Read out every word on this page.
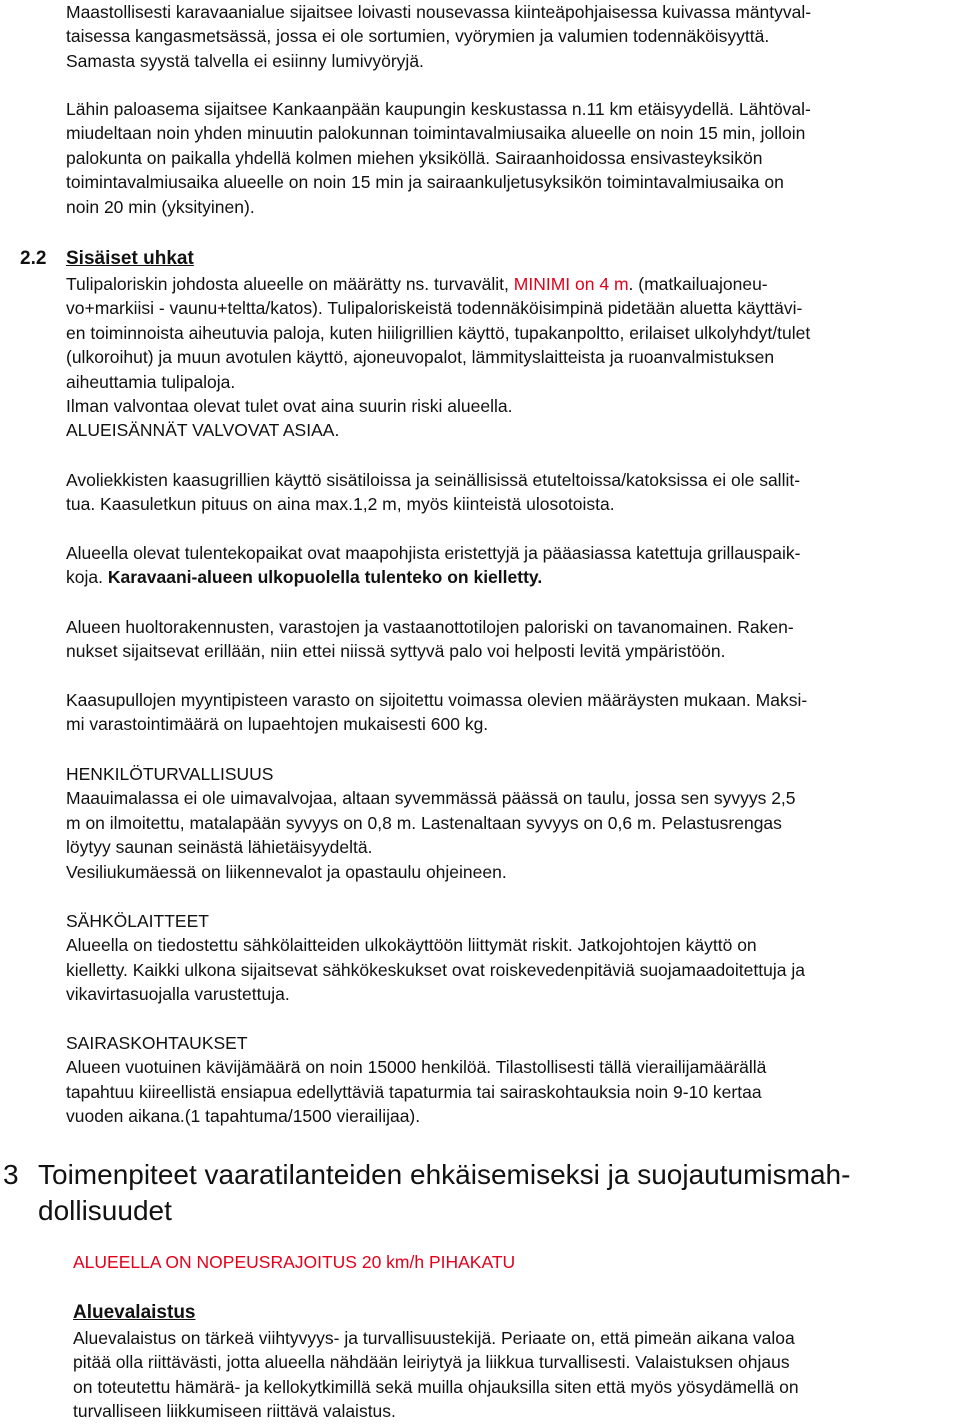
Maastollisesti karavaanialue sijaitsee loivasti nousevassa kiinteäpohjaisessa kuivassa mäntyval-
taisessa kangasmetsässä, jossa ei ole sortumien, vyörymien ja valumien todennäköisyyttä.
Samasta syystä talvella ei esiinny lumivyöryjä.
Lähin paloasema sijaitsee Kankaanpään kaupungin keskustassa n.11 km etäisyydellä. Lähtöval-
miudeltaan noin yhden minuutin palokunnan toimintavalmiusaika alueelle on noin 15 min, jolloin
palokunta on paikalla yhdellä kolmen miehen yksiköllä. Sairaanhoidossa ensivasteyksikön
toimintavalmiusaika alueelle on noin 15 min ja sairaankuljetusyksikön toimintavalmiusaika on
noin 20 min (yksityinen).
2.2 Sisäiset uhkat
Tulipaloriskin johdosta alueelle on määrätty ns. turvavälit, MINIMI on 4 m. (matkailuajoneu-
vo+markiisi - vaunu+teltta/katos). Tulipaloriskeistä todennäköisimpinä pidetään aluetta käyttävi-
en toiminnoista aiheutuvia paloja, kuten hiiligrillien käyttö, tupakanpoltto, erilaiset ulkolyhdyt/tulet
(ulkoroihut) ja muun avotulen käyttö, ajoneuvopalot, lämmityslaitteista ja ruoanvalmistuksen
aiheuttamia tulipaloja.
Ilman valvontaa olevat tulet ovat aina suurin riski alueella.
ALUEISÄNNÄT VALVOVAT ASIAA.
Avoliekkisten kaasugrillien käyttö sisätiloissa ja seinällisissä etuteltoissa/katoksissa ei ole sallit-
tua. Kaasuletkun pituus on aina max.1,2 m, myös kiinteistä ulosotoista.
Alueella olevat tulentekopaikat ovat maapohjista eristettyjä ja pääasiassa katettuja grillauspaik-
koja. Karavaani-alueen ulkopuolella tulenteko on kielletty.
Alueen huoltorakennusten, varastojen ja vastaanottotilojen paloriski on tavanomainen. Raken-
nukset sijaitsevat erillään, niin ettei niissä syttyvä palo voi helposti levitä ympäristöön.
Kaasupullojen myyntipisteen varasto on sijoitettu voimassa olevien määräysten mukaan. Maksi-
mi varastointimäärä on lupaehtojen mukaisesti 600 kg.
HENKILÖTURVALLISUUS
Maauimalassa ei ole uimavalvojaa, altaan syvemmässä päässä on taulu, jossa sen syvyys 2,5
m on ilmoitettu, matalapään syvyys on 0,8 m. Lastenaltaan syvyys on 0,6 m. Pelastusrengas
löytyy saunan seinästä lähietäisyydeltä.
Vesiliukumäessä on liikennevalot ja opastaulu ohjeineen.
SÄHKÖLAITTEET
Alueella on tiedostettu sähkölaitteiden ulkokäyttöön liittymät riskit. Jatkojohtojen käyttö on
kielletty. Kaikki ulkona sijaitsevat sähkökeskukset ovat roiskevedenpitäviä suojamaadoitettuja ja
vikavirtasuojalla varustettuja.
SAIRASKOHTAUKSET
Alueen vuotuinen kävijämäärä on noin 15000 henkilöä. Tilastollisesti tällä vierailijamäärällä
tapahtuu kiireellistä ensiapua edellyttäviä tapaturmia tai sairaskohtauksia noin 9-10 kertaa
vuoden aikana.(1 tapahtuma/1500 vierailijaa).
3 Toimenpiteet vaaratilanteiden ehkäisemiseksi ja suojautumismah-
dollisuudet
ALUEELLA ON NOPEUSRAJOITUS 20 km/h PIHAKATU
Aluevalaistus
Aluevalaistus on tärkeä viihtyvyys- ja turvallisuustekijä. Periaate on, että pimeän aikana valoa
pitää olla riittävästi, jotta alueella nähdään leiriytyä ja liikkua turvallisesti. Valaistuksen ohjaus
on toteutettu hämärä- ja kellokytkimillä sekä muilla ohjauksilla siten että myös yösydämellä on
turvalliseen liikkumiseen riittävä valaistus.
